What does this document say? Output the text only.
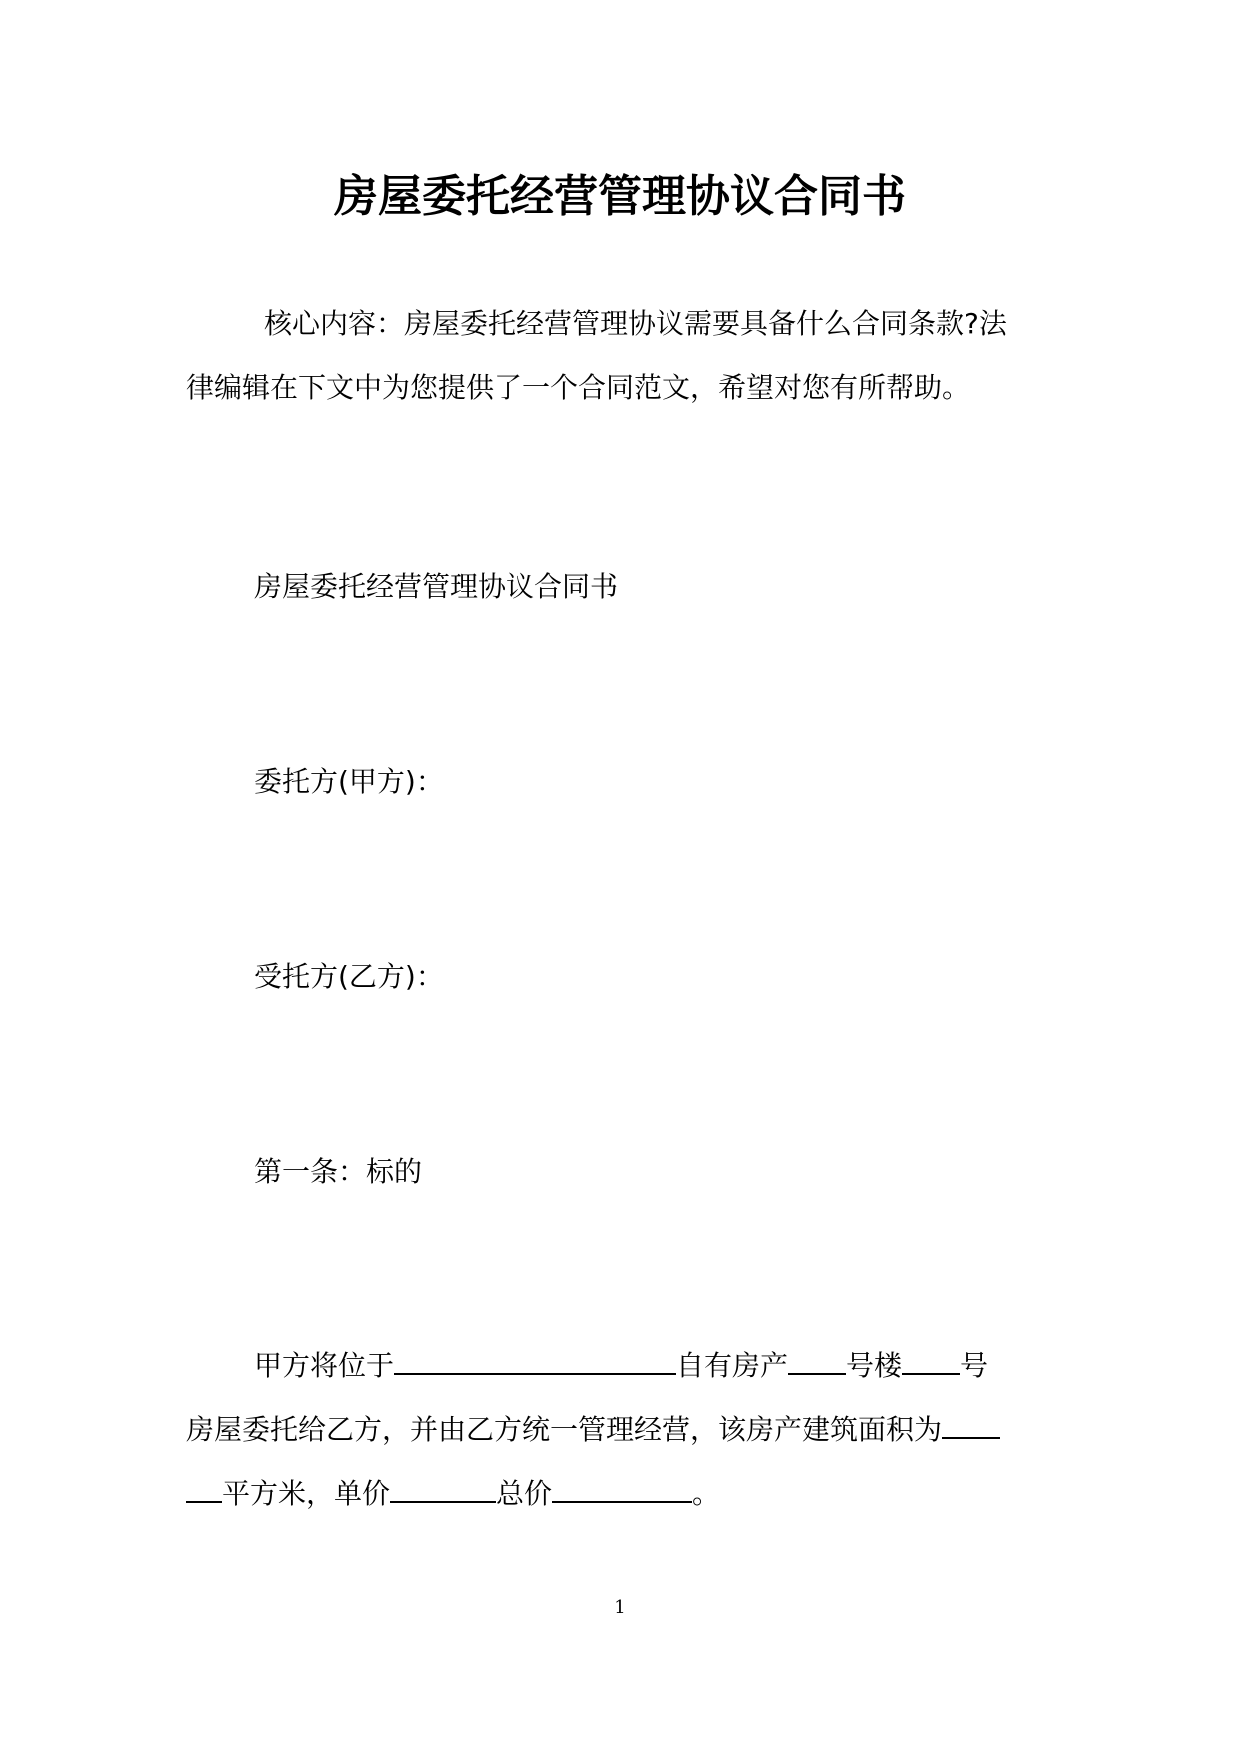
房屋委托经营管理协议合同书
核心内容：房屋委托经营管理协议需要具备什么合同条款?法
律编辑在下文中为您提供了一个合同范文，希望对您有所帮助。
房屋委托经营管理协议合同书
委托方(甲方)：
受托方(乙方)：
第一条：标的
甲方将位于	自有房产 号楼 号
房屋委托给乙方，并由乙方统一管理经营，该房产建筑面积为
平方米，单价	总价	。
1
